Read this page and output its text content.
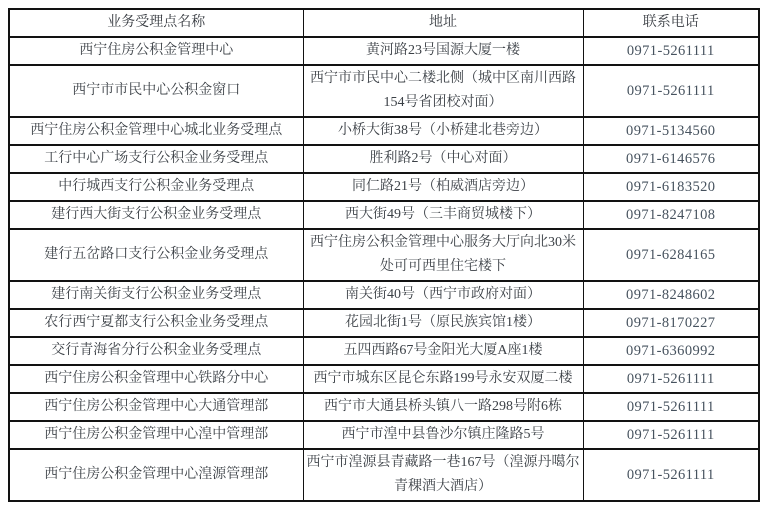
业务受理点名称	地址	联系电话
西宁住房公积金管理中心	黄河路23号国源大厦一楼	0971-5261111
西宁市市民中心公积金窗口	西宁市市民中心二楼北侧（城中区南川西路154号省团校对面）	0971-5261111
西宁住房公积金管理中心城北业务受理点	小桥大街38号（小桥建北巷旁边）	0971-5134560
工行中心广场支行公积金业务受理点	胜利路2号（中心对面）	0971-6146576
中行城西支行公积金业务受理点	同仁路21号（柏威酒店旁边）	0971-6183520
建行西大街支行公积金业务受理点	西大街49号（三丰商贸城楼下）	0971-8247108
建行五岔路口支行公积金业务受理点	西宁住房公积金管理中心服务大厅向北30米处可可西里住宅楼下	0971-6284165
建行南关街支行公积金业务受理点	南关街40号（西宁市政府对面）	0971-8248602
农行西宁夏都支行公积金业务受理点	花园北街1号（原民族宾馆1楼）	0971-8170227
交行青海省分行公积金业务受理点	五四西路67号金阳光大厦A座1楼	0971-6360992
西宁住房公积金管理中心铁路分中心	西宁市城东区昆仑东路199号永安双厦二楼	0971-5261111
西宁住房公积金管理中心大通管理部	西宁市大通县桥头镇八一路298号附6栋	0971-5261111
西宁住房公积金管理中心湟中管理部	西宁市湟中县鲁沙尔镇庄隆路5号	0971-5261111
西宁住房公积金管理中心湟源管理部	西宁市湟源县青藏路一巷167号（湟源丹噶尔青稞酒大酒店）	0971-5261111
